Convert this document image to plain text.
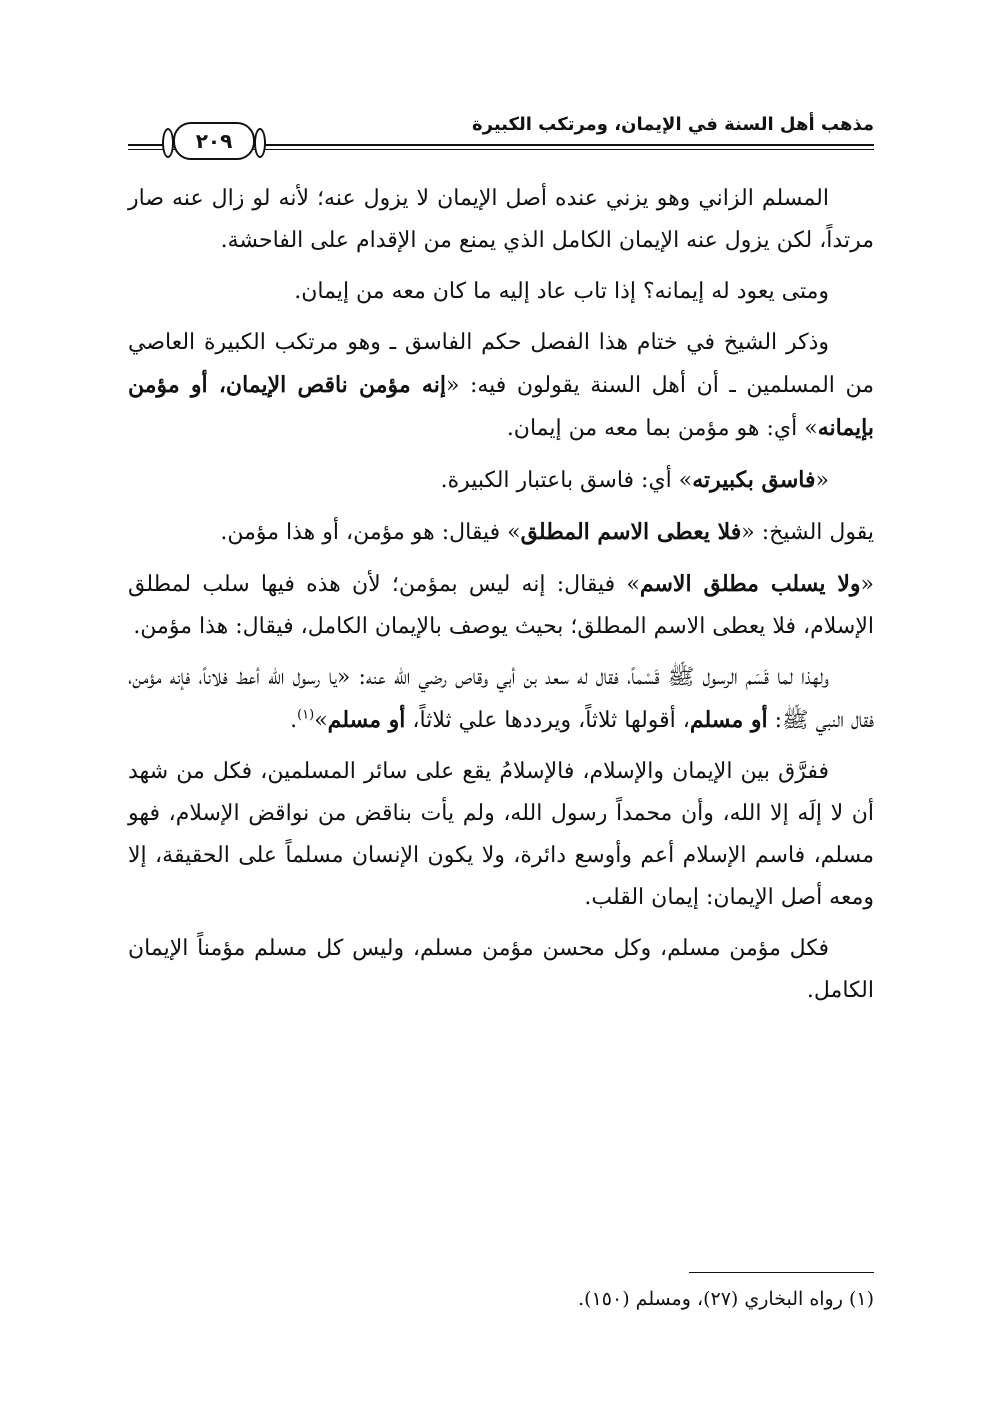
مذهب أهل السنة في الإيمان، ومرتكب الكبيرة
٢٠٩

المسلم الزاني وهو يزني عنده أصل الإيمان لا يزول عنه؛ لأنه لو زال عنه صار مرتداً، لكن يزول عنه الإيمان الكامل الذي يمنع من الإقدام على الفاحشة.

ومتى يعود له إيمانه؟ إذا تاب عاد إليه ما كان معه من إيمان.

وذكر الشيخ في ختام هذا الفصل حكم الفاسق ـ وهو مرتكب الكبيرة العاصي من المسلمين ـ أن أهل السنة يقولون فيه: «إنه مؤمن ناقص الإيمان، أو مؤمن بإيمانه» أي: هو مؤمن بما معه من إيمان.

«فاسق بكبيرته» أي: فاسق باعتبار الكبيرة.

يقول الشيخ: «فلا يعطى الاسم المطلق» فيقال: هو مؤمن، أو هذا مؤمن.

«ولا يسلب مطلق الاسم» فيقال: إنه ليس بمؤمن؛ لأن هذه فيها سلب لمطلق الإسلام، فلا يعطى الاسم المطلق؛ بحيث يوصف بالإيمان الكامل، فيقال: هذا مؤمن.

ولهذا لما قَسَم الرسول ﷺ قَسْماً، فقال له سعد بن أبي وقاص رضي الله عنه: «يا رسول الله أعط فلاناً، فإنه مؤمن، فقال النبي ﷺ: أو مسلم، أقولها ثلاثاً، ويرددها علي ثلاثاً، أو مسلم»$^{(١)}$.

ففرَّق بين الإيمان والإسلام، فالإسلامُ يقع على سائر المسلمين، فكل من شهد أن لا إلَه إلا الله، وأن محمداً رسول الله، ولم يأت بناقض من نواقض الإسلام، فهو مسلم، فاسم الإسلام أعم وأوسع دائرة، ولا يكون الإنسان مسلماً على الحقيقة، إلا ومعه أصل الإيمان: إيمان القلب.

فكل مؤمن مسلم، وكل محسن مؤمن مسلم، وليس كل مسلم مؤمناً الإيمان الكامل.

(١) رواه البخاري (٢٧)، ومسلم (١٥٠).
